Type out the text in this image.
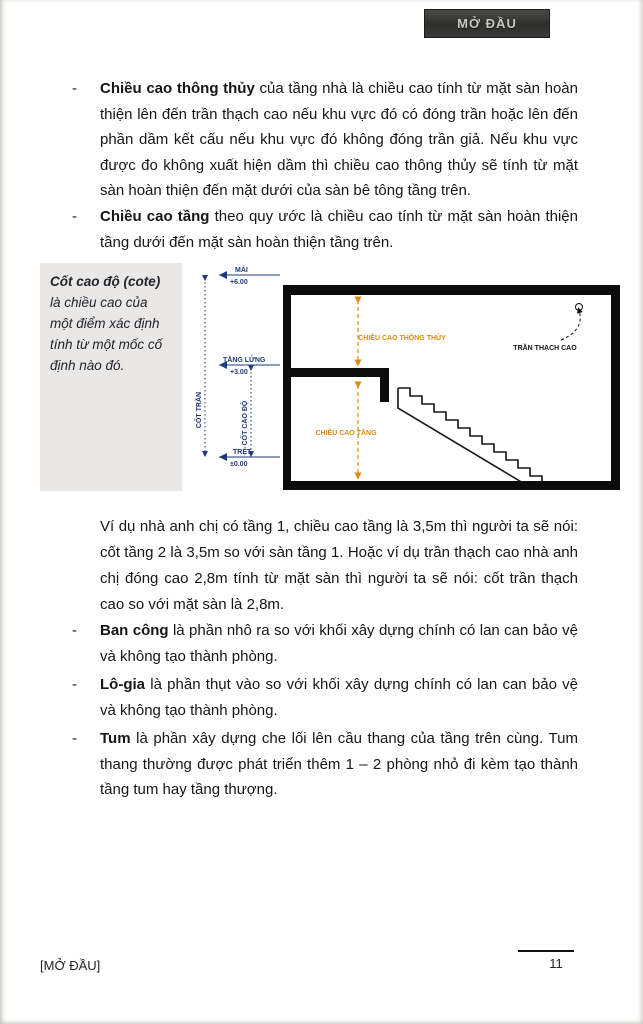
MỞ ĐẦU
-	Chiều cao thông thủy của tầng nhà là chiều cao tính từ mặt sàn hoàn thiện lên đến trần thạch cao nếu khu vực đó có đóng trần hoặc lên đến phần dầm kết cấu nếu khu vực đó không đóng trần giả. Nếu khu vực được đo không xuất hiện dầm thì chiều cao thông thủy sẽ tính từ mặt sàn hoàn thiện đến mặt dưới của sàn bê tông tầng trên.
-	Chiều cao tầng theo quy ước là chiều cao tính từ mặt sàn hoàn thiện tầng dưới đến mặt sàn hoàn thiện tầng trên.
Cốt cao độ (cote) là chiều cao của một điểm xác định tính từ một mốc cố định nào đó.
MÁI
+6.00
TẦNG LỬNG
+3.00
TRỆT
±0.00
CỐT TRẦN	CỐT CAO ĐỘ
CHIỀU CAO THÔNG THỦY
CHIỀU CAO TẦNG
TRẦN THẠCH CAO
Ví dụ nhà anh chị có tầng 1, chiều cao tầng là 3,5m thì người ta sẽ nói: cốt tầng 2 là 3,5m so với sàn tầng 1. Hoặc ví dụ trần thạch cao nhà anh chị đóng cao 2,8m tính từ mặt sàn thì người ta sẽ nói: cốt trần thạch cao so với mặt sàn là 2,8m.
-	Ban công là phần nhô ra so với khối xây dựng chính có lan can bảo vệ và không tạo thành phòng.
-	Lô-gia là phần thụt vào so với khối xây dựng chính có lan can bảo vệ và không tạo thành phòng.
-	Tum là phần xây dựng che lối lên cầu thang của tầng trên cùng. Tum thang thường được phát triển thêm 1 – 2 phòng nhỏ đi kèm tạo thành tầng tum hay tầng thượng.
[MỞ ĐẦU]	11
